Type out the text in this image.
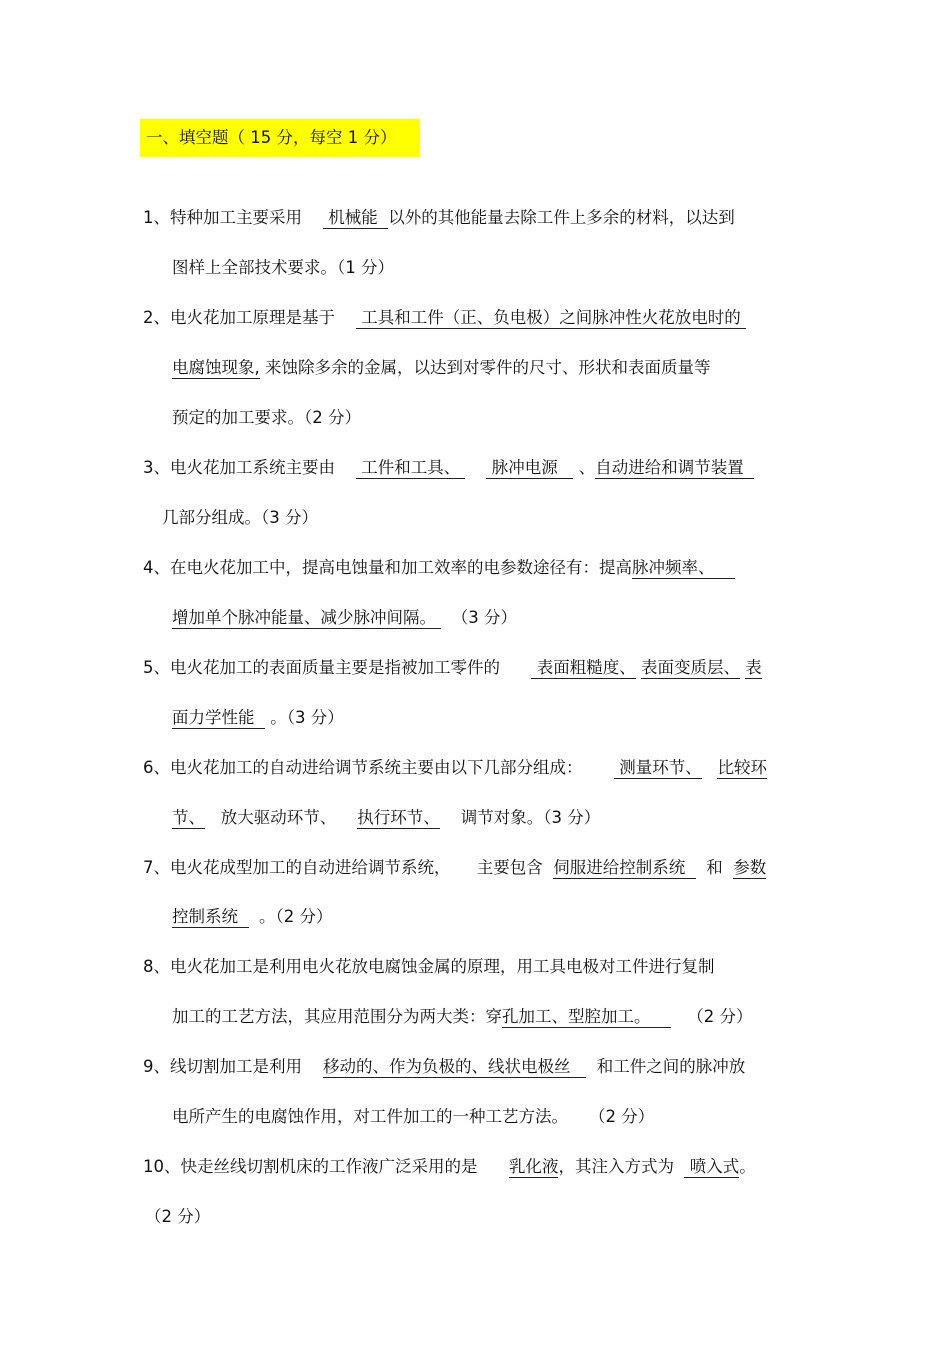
一、填空题（ 15 分，每空 1 分）
1、特种加工主要采用     机械能  以外的其他能量去除工件上多余的材料，以达到
图样上全部技术要求。（1 分）
2、电火花加工原理是基于     工具和工件（正、负电极）之间脉冲性火花放电时的
电腐蚀现象, 来蚀除多余的金属，以达到对零件的尺寸、形状和表面质量等
预定的加工要求。（2 分）
3、电火花加工系统主要由     工件和工具、      脉冲电源    、自动进给和调节装置
几部分组成。（3 分）
4、在电火花加工中，提高电蚀量和加工效率的电参数途径有：提高脉冲频率、
增加单个脉冲能量、减少脉冲间隔。   （3 分）
5、电火花加工的表面质量主要是指被加工零件的       表面粗糙度、 表面变质层、 表
面力学性能   。（3 分）
6、电火花加工的自动进给调节系统主要由以下几部分组成：       测量环节、 比较环
节、   放大驱动环节、    执行环节、    调节对象。（3 分）
7、电火花成型加工的自动进给调节系统，     主要包含  伺服进给控制系统    和  参数
控制系统    。（2 分）
8、电火花加工是利用电火花放电腐蚀金属的原理，用工具电极对工件进行复制
加工的工艺方法，其应用范围分为两大类：穿孔加工、型腔加工。       （2 分）
9、线切割加工是利用    移动的、作为负极的、线状电极丝     和工件之间的脉冲放
电所产生的电腐蚀作用，对工件加工的一种工艺方法。    （2 分）
10、快走丝线切割机床的工作液广泛采用的是      乳化液，其注入方式为   喷入式。
（2 分）
